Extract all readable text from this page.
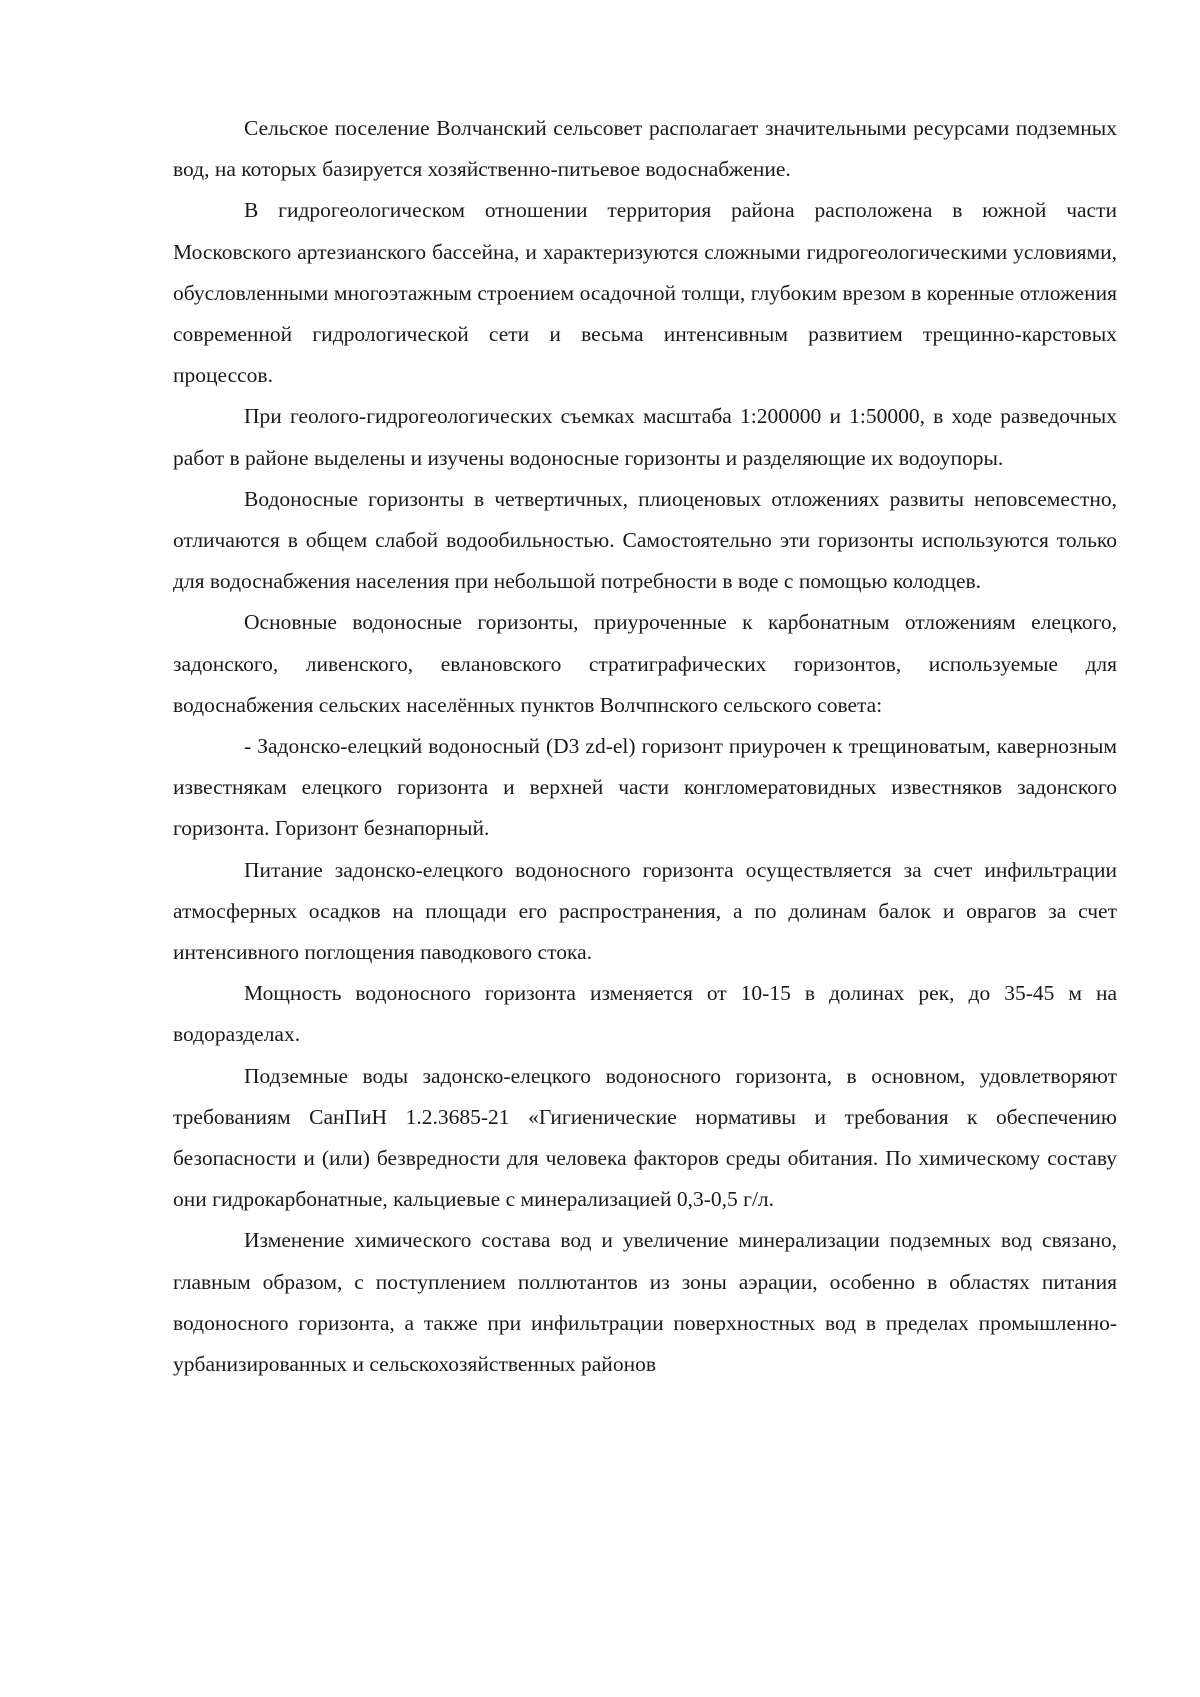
Сельское поселение Волчанский сельсовет располагает значительными ресурсами подземных вод, на которых базируется хозяйственно-питьевое водоснабжение.

В гидрогеологическом отношении территория района расположена в южной части Московского артезианского бассейна, и характеризуются сложными гидрогеологическими условиями, обусловленными многоэтажным строением осадочной толщи, глубоким врезом в коренные отложения современной гидрологической сети и весьма интенсивным развитием трещинно-карстовых процессов.

При геолого-гидрогеологических съемках масштаба 1:200000 и 1:50000, в ходе разведочных работ в районе выделены и изучены водоносные горизонты и разделяющие их водоупоры.

Водоносные горизонты в четвертичных, плиоценовых отложениях развиты неповсеместно, отличаются в общем слабой водообильностью. Самостоятельно эти горизонты используются только для водоснабжения населения при небольшой потребности в воде с помощью колодцев.

Основные водоносные горизонты, приуроченные к карбонатным отложениям елецкого, задонского, ливенского, евлановского стратиграфических горизонтов, используемые для водоснабжения сельских населённых пунктов Волчпнского сельского совета:

- Задонско-елецкий водоносный (D3 zd-el) горизонт приурочен к трещиноватым, кавернозным известнякам елецкого горизонта и верхней части конгломератовидных известняков задонского горизонта. Горизонт безнапорный.

Питание задонско-елецкого водоносного горизонта осуществляется за счет инфильтрации атмосферных осадков на площади его распространения, а по долинам балок и оврагов за счет интенсивного поглощения паводкового стока.

Мощность водоносного горизонта изменяется от 10-15 в долинах рек, до 35-45 м на водоразделах.

Подземные воды задонско-елецкого водоносного горизонта, в основном, удовлетворяют требованиям СанПиН 1.2.3685-21 «Гигиенические нормативы и требования к обеспечению безопасности и (или) безвредности для человека факторов среды обитания. По химическому составу они гидрокарбонатные, кальциевые с минерализацией 0,3-0,5 г/л.

Изменение химического состава вод и увеличение минерализации подземных вод связано, главным образом, с поступлением поллютантов из зоны аэрации, особенно в областях питания водоносного горизонта, а также при инфильтрации поверхностных вод в пределах промышленно-урбанизированных и сельскохозяйственных районов
